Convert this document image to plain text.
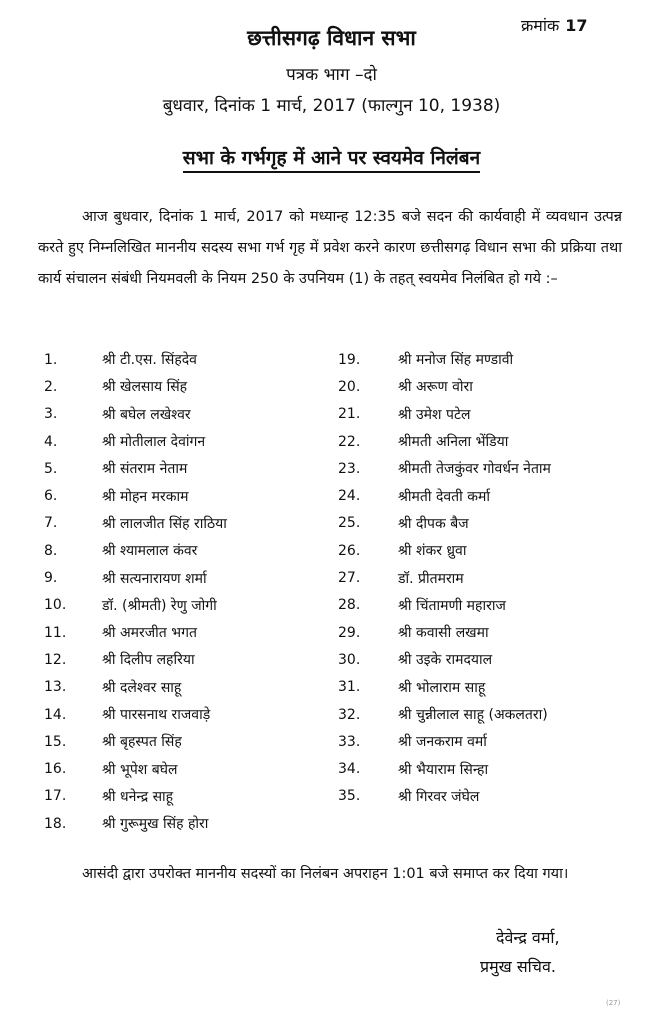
क्रमांक 17
छत्तीसगढ़ विधान सभा
पत्रक भाग –दो
बुधवार, दिनांक 1 मार्च, 2017 (फाल्गुन 10, 1938)
सभा के गर्भगृह में आने पर स्वयमेव निलंबन
आज बुधवार, दिनांक 1 मार्च, 2017 को मध्यान्ह 12:35 बजे सदन की कार्यवाही में व्यवधान उत्पन्न करते हुए निम्नलिखित माननीय सदस्य सभा गर्भ गृह में प्रवेश करने कारण छत्तीसगढ़ विधान सभा की प्रक्रिया तथा कार्य संचालन संबंधी नियमवली के नियम 250 के उपनियम (1) के तहत् स्वयमेव निलंबित हो गये :–
1.	श्री टी.एस. सिंहदेव
2.	श्री खेलसाय सिंह
3.	श्री बघेल लखेश्वर
4.	श्री मोतीलाल देवांगन
5.	श्री संतराम नेताम
6.	श्री मोहन मरकाम
7.	श्री लालजीत सिंह राठिया
8.	श्री श्यामलाल कंवर
9.	श्री सत्यनारायण शर्मा
10.	डॉ. (श्रीमती) रेणु जोगी
11.	श्री अमरजीत भगत
12.	श्री दिलीप लहरिया
13.	श्री दलेश्वर साहू
14.	श्री पारसनाथ राजवाड़े
15.	श्री बृहस्पत सिंह
16.	श्री भूपेश बघेल
17.	श्री धनेन्द्र साहू
18.	श्री गुरूमुख सिंह होरा
19.	श्री मनोज सिंह मण्डावी
20.	श्री अरूण वोरा
21.	श्री उमेश पटेल
22.	श्रीमती अनिला भेंडिया
23.	श्रीमती तेजकुंवर गोवर्धन नेताम
24.	श्रीमती देवती कर्मा
25.	श्री दीपक बैज
26.	श्री शंकर ध्रुवा
27.	डॉ. प्रीतमराम
28.	श्री चिंतामणी महाराज
29.	श्री कवासी लखमा
30.	श्री उइके रामदयाल
31.	श्री भोलाराम साहू
32.	श्री चुन्नीलाल साहू (अकलतरा)
33.	श्री जनकराम वर्मा
34.	श्री भैयाराम सिन्हा
35.	श्री गिरवर जंघेल
आसंदी द्वारा उपरोक्त माननीय सदस्यों का निलंबन अपराहन 1:01 बजे समाप्त कर दिया गया।
देवेन्द्र वर्मा,
प्रमुख सचिव.
(27)
